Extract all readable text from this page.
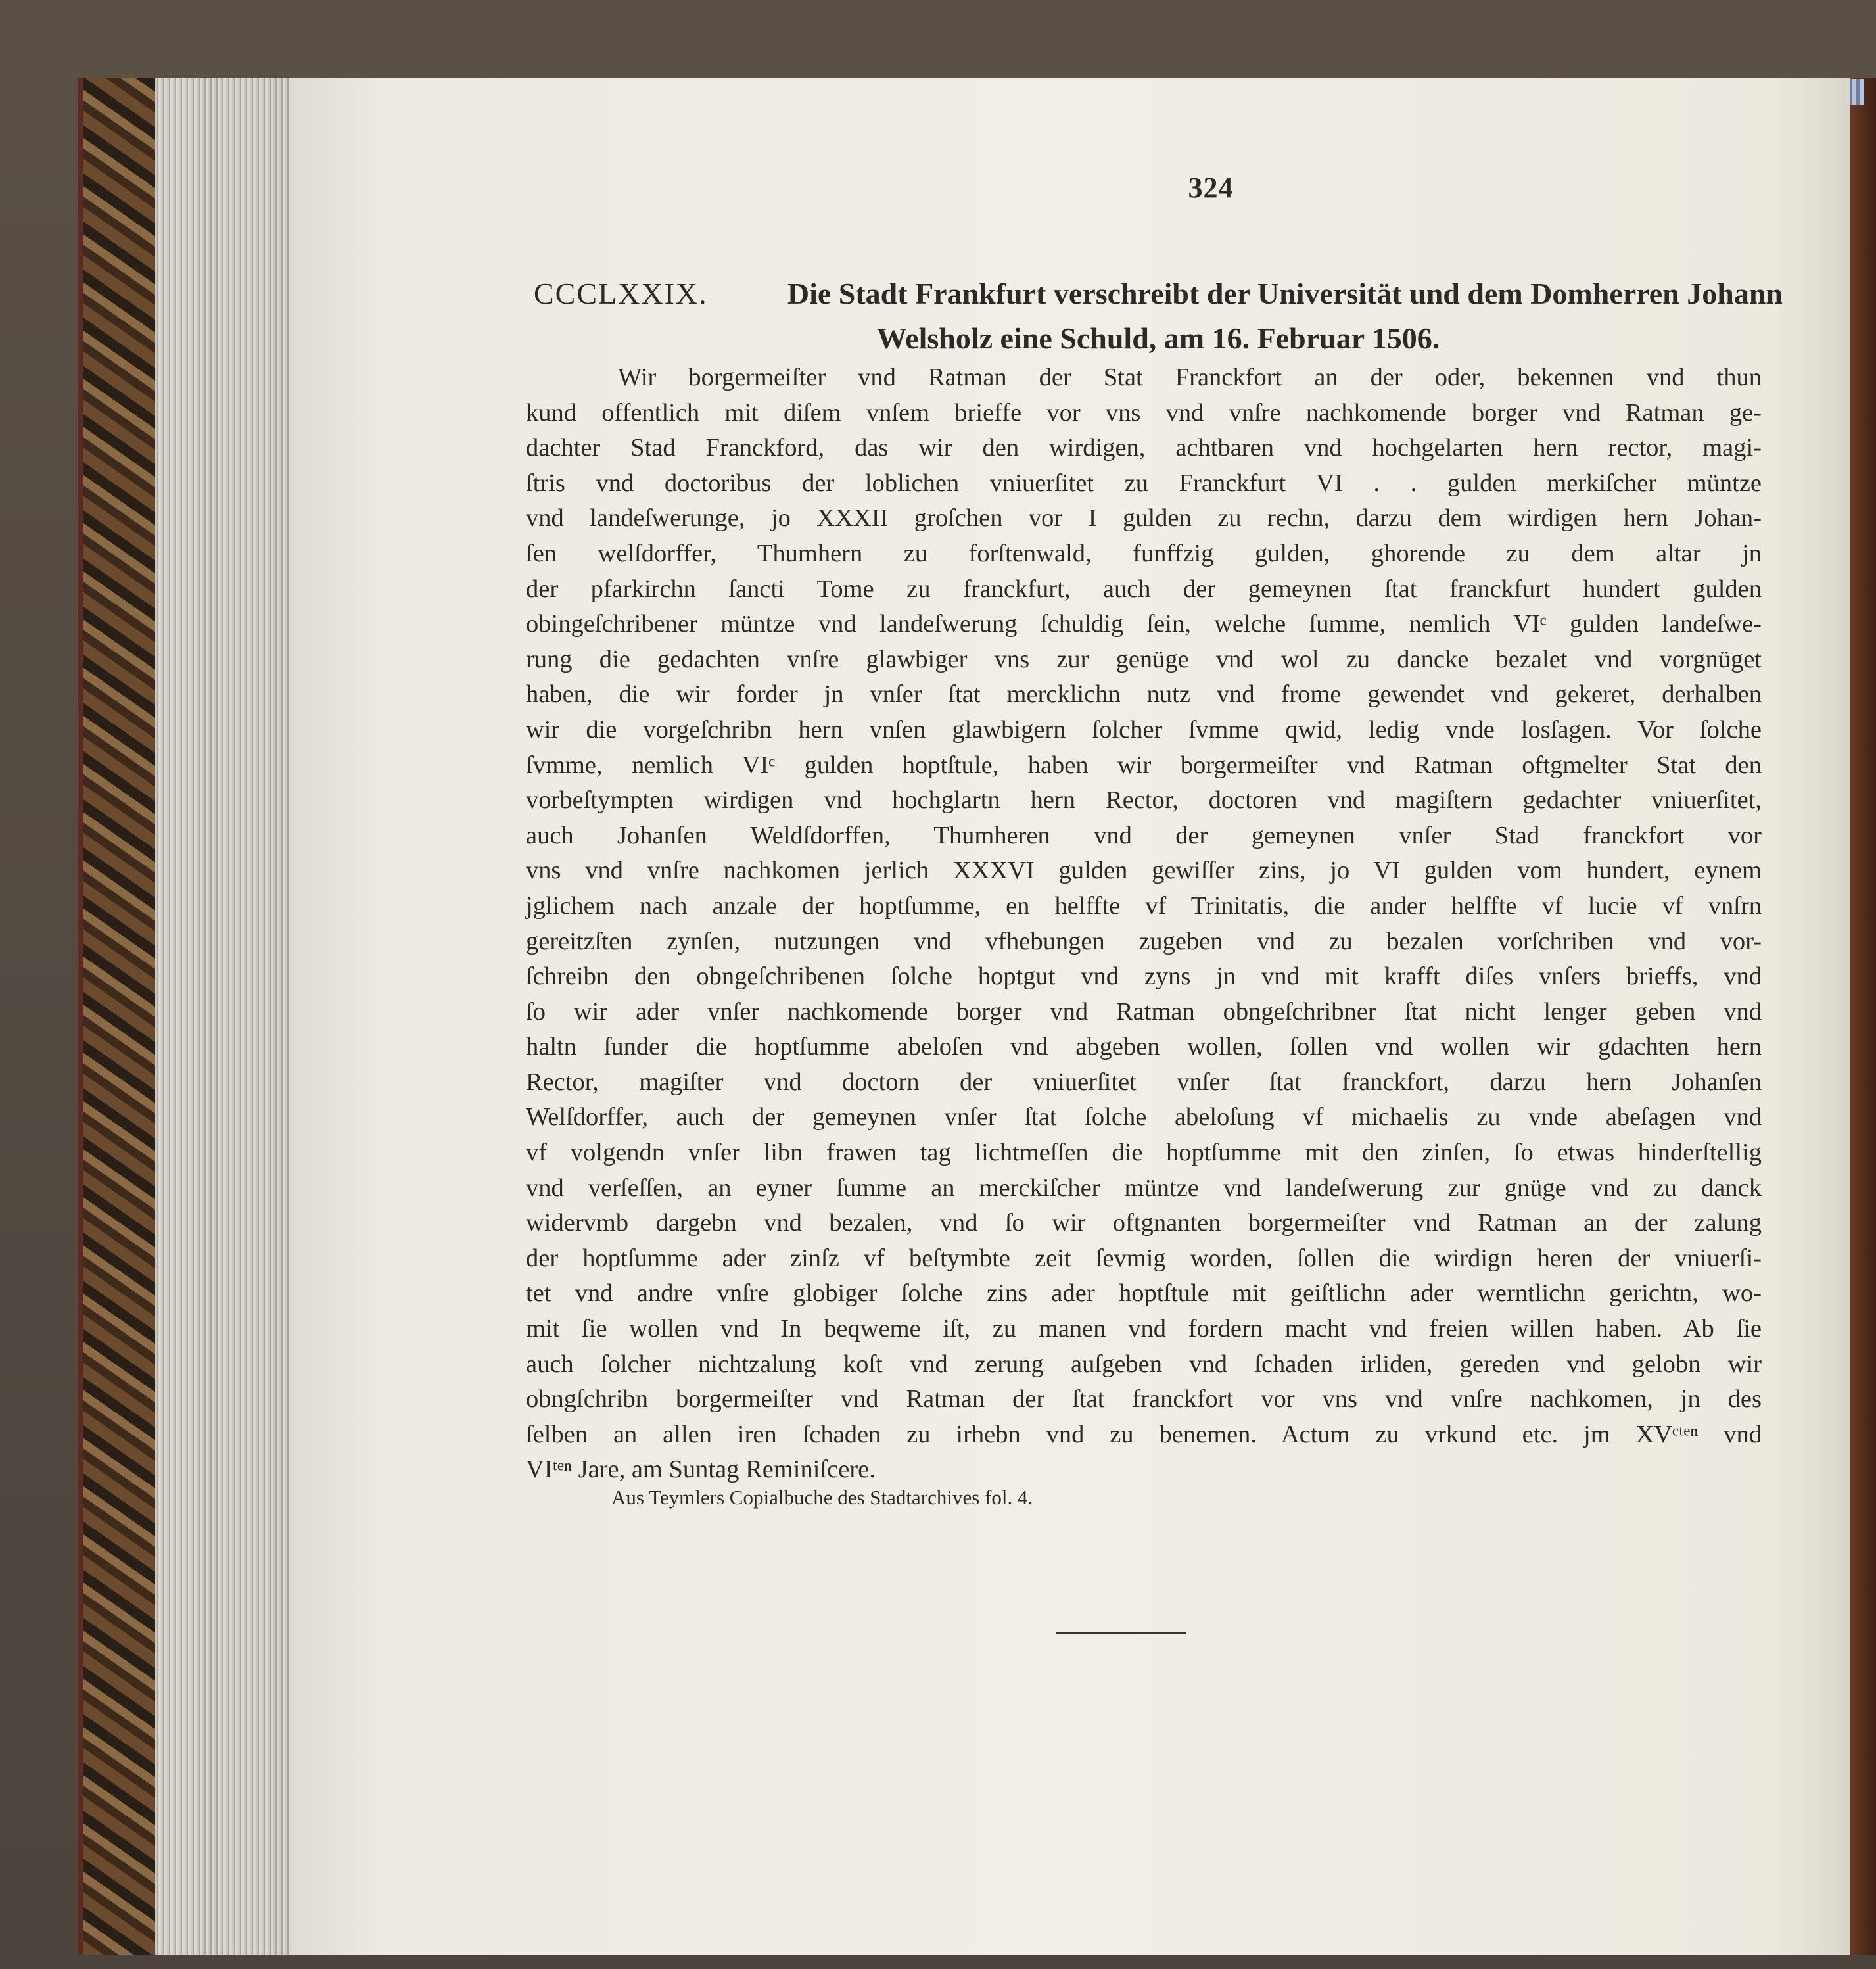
324
CCCLXXIX.	Die Stadt Frankfurt verschreibt der Universität und dem Domherren Johann
Welsholz eine Schuld, am 16. Februar 1506.
Wir borgermeiſter vnd Ratman der Stat Franckfort an der oder, bekennen vnd thun
kund offentlich mit diſem vnſem brieffe vor vns vnd vnſre nachkomende borger vnd Ratman ge-
dachter Stad Franckford, das wir den wirdigen, achtbaren vnd hochgelarten hern rector, magi-
ſtris vnd doctoribus der loblichen vniuerſitet zu Franckfurt VI . . gulden merkiſcher müntze
vnd landeſwerunge, jo XXXII groſchen vor I gulden zu rechn, darzu dem wirdigen hern Johan-
ſen welſdorffer, Thumhern zu forſtenwald, funffzig gulden, ghorende zu dem altar jn
der pfarkirchn ſancti Tome zu franckfurt, auch der gemeynen ſtat franckfurt hundert gulden
obingeſchribener müntze vnd landeſwerung ſchuldig ſein, welche ſumme, nemlich VIᶜ gulden landeſwe-
rung die gedachten vnſre glawbiger vns zur genüge vnd wol zu dancke bezalet vnd vorgnüget
haben, die wir forder jn vnſer ſtat mercklichn nutz vnd frome gewendet vnd gekeret, derhalben
wir die vorgeſchribn hern vnſen glawbigern ſolcher ſvmme qwid, ledig vnde losſagen. Vor ſolche
ſvmme, nemlich VIᶜ gulden hoptſtule, haben wir borgermeiſter vnd Ratman oftgmelter Stat den
vorbeſtympten wirdigen vnd hochglartn hern Rector, doctoren vnd magiſtern gedachter vniuerſitet,
auch Johanſen Weldſdorffen, Thumheren vnd der gemeynen vnſer Stad franckfort vor
vns vnd vnſre nachkomen jerlich XXXVI gulden gewiſſer zins, jo VI gulden vom hundert, eynem
jglichem nach anzale der hoptſumme, en helffte vf Trinitatis, die ander helffte vf lucie vf vnſrn
gereitzſten zynſen, nutzungen vnd vfhebungen zugeben vnd zu bezalen vorſchriben vnd vor-
ſchreibn den obngeſchribenen ſolche hoptgut vnd zyns jn vnd mit krafft diſes vnſers brieffs, vnd
ſo wir ader vnſer nachkomende borger vnd Ratman obngeſchribner ſtat nicht lenger geben vnd
haltn ſunder die hoptſumme abeloſen vnd abgeben wollen, ſollen vnd wollen wir gdachten hern
Rector, magiſter vnd doctorn der vniuerſitet vnſer ſtat franckfort, darzu hern Johanſen
Welſdorffer, auch der gemeynen vnſer ſtat ſolche abeloſung vf michaelis zu vnde abeſagen vnd
vf volgendn vnſer libn frawen tag lichtmeſſen die hoptſumme mit den zinſen, ſo etwas hinderſtellig
vnd verſeſſen, an eyner ſumme an merckiſcher müntze vnd landeſwerung zur gnüge vnd zu danck
widervmb dargebn vnd bezalen, vnd ſo wir oftgnanten borgermeiſter vnd Ratman an der zalung
der hoptſumme ader zinſz vf beſtymbte zeit ſevmig worden, ſollen die wirdign heren der vniuerſi-
tet vnd andre vnſre globiger ſolche zins ader hoptſtule mit geiſtlichn ader werntlichn gerichtn, wo-
mit ſie wollen vnd In beqweme iſt, zu manen vnd fordern macht vnd freien willen haben. Ab ſie
auch ſolcher nichtzalung koſt vnd zerung auſgeben vnd ſchaden irliden, gereden vnd gelobn wir
obngſchribn borgermeiſter vnd Ratman der ſtat franckfort vor vns vnd vnſre nachkomen, jn des
ſelben an allen iren ſchaden zu irhebn vnd zu benemen. Actum zu vrkund etc. jm XVᶜᵗᵉⁿ vnd
VIᵗᵉⁿ Jare, am Suntag Reminiſcere.
Aus Teymlers Copialbuche des Stadtarchives fol. 4.
